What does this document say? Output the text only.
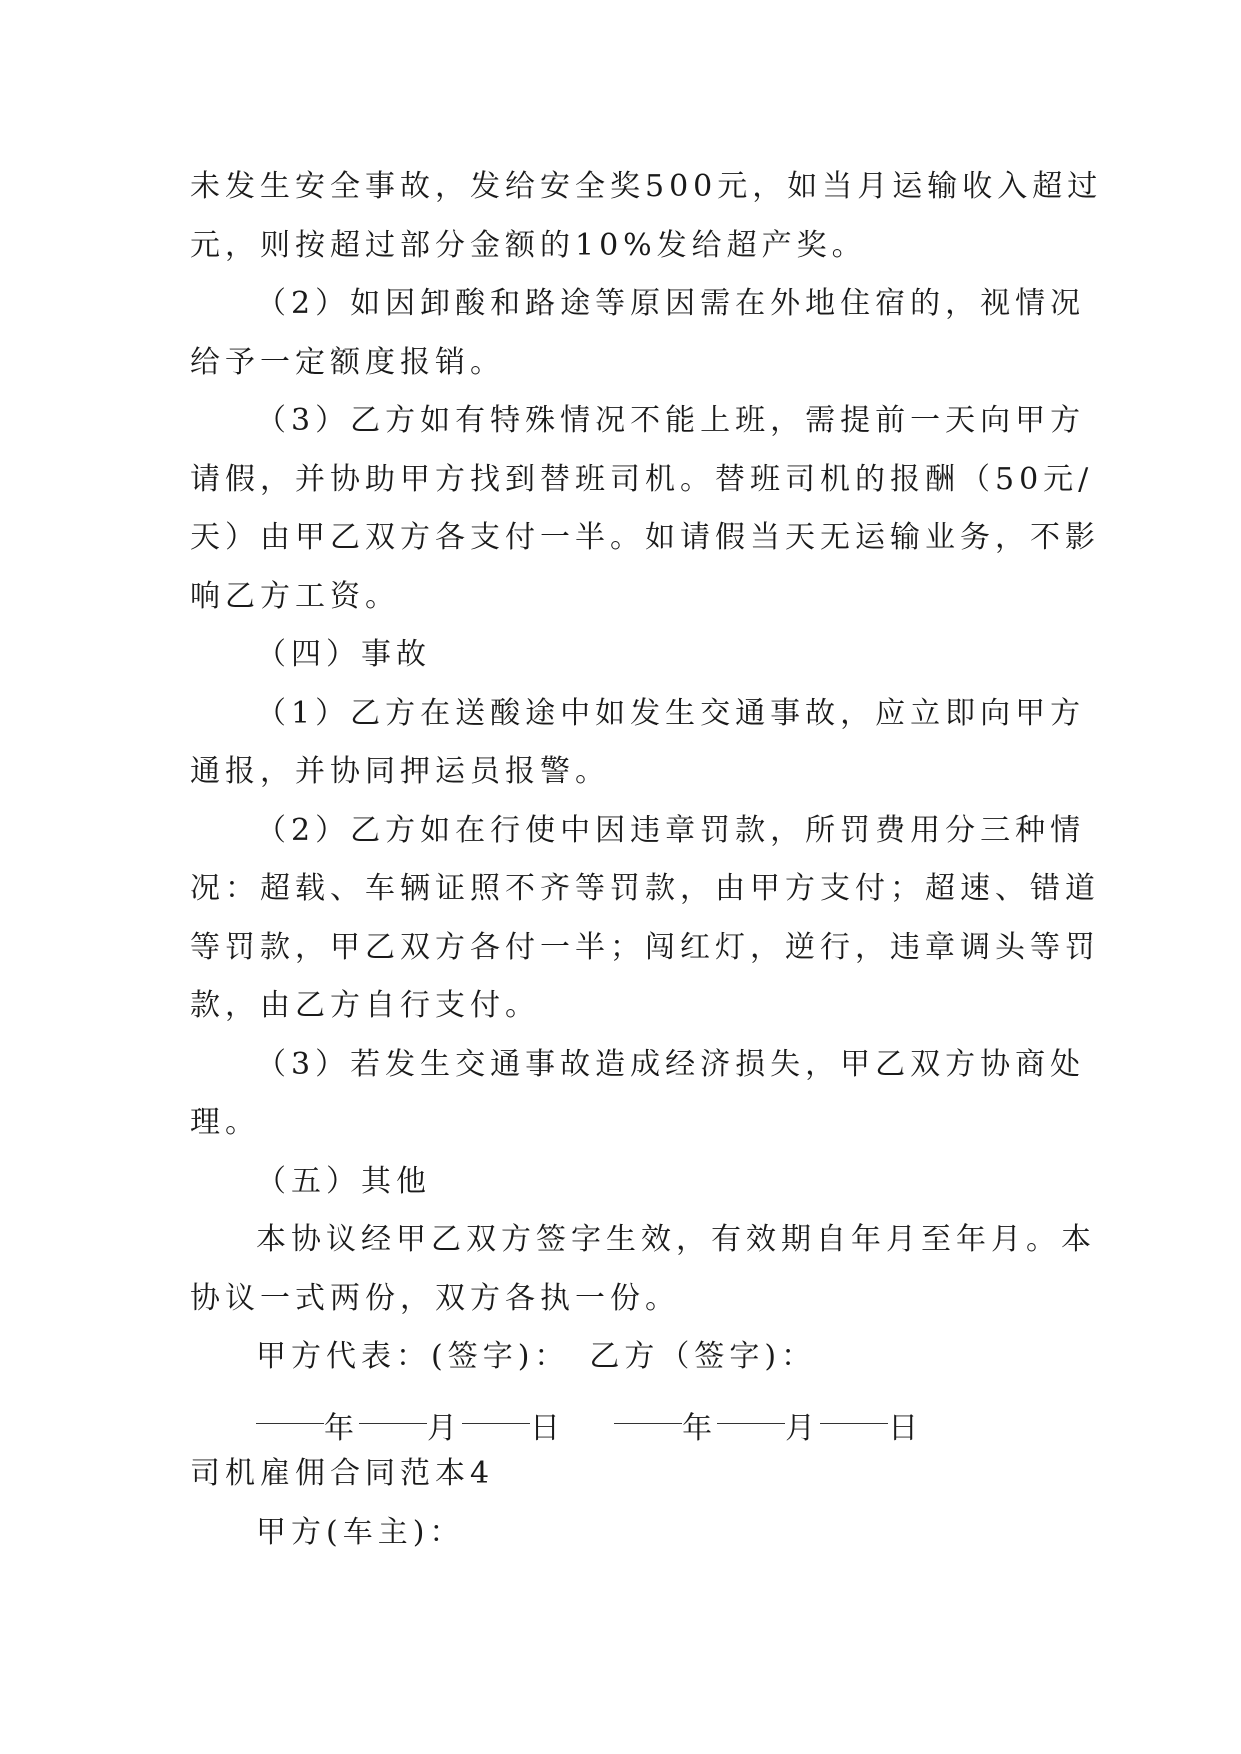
未发生安全事故，发给安全奖500元，如当月运输收入超过
元，则按超过部分金额的10%发给超产奖。
（2）如因卸酸和路途等原因需在外地住宿的，视情况
给予一定额度报销。
（3）乙方如有特殊情况不能上班，需提前一天向甲方
请假，并协助甲方找到替班司机。替班司机的报酬（50元/
天）由甲乙双方各支付一半。如请假当天无运输业务，不影
响乙方工资。
（四）事故
（1）乙方在送酸途中如发生交通事故，应立即向甲方
通报，并协同押运员报警。
（2）乙方如在行使中因违章罚款，所罚费用分三种情
况：超载、车辆证照不齐等罚款，由甲方支付；超速、错道
等罚款，甲乙双方各付一半；闯红灯，逆行，违章调头等罚
款，由乙方自行支付。
（3）若发生交通事故造成经济损失，甲乙双方协商处
理。
（五）其他
本协议经甲乙双方签字生效，有效期自年月至年月。本
协议一式两份，双方各执一份。
甲方代表：(签字)：　乙方（签字)：
年 月 日	年 月 日
司机雇佣合同范本4
甲方(车主)：
